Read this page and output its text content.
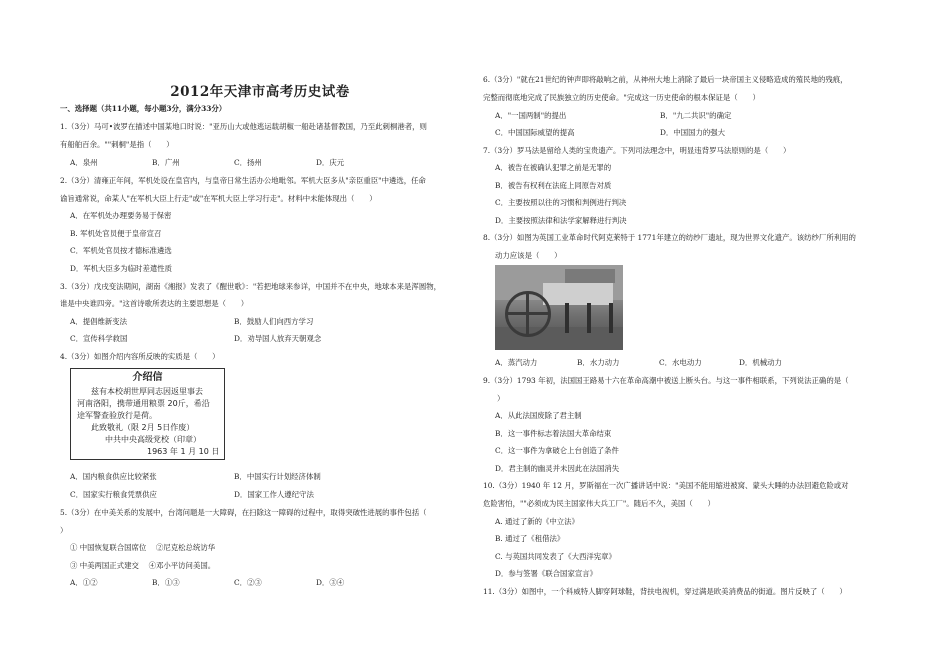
2012年天津市高考历史试卷
一、选择题（共11小题，每小题3分，满分33分）
1.（3分）马可•波罗在描述中国某地口时说："亚历山大或他逃运载胡椒一船赴诸基督教国，乃至此刺桐港者，则
有船舶百余。""刺桐"是指（　　）
A．泉州	B．广州	C．扬州	D．庆元
2.（3分）清雍正年间，军机处设在皇宫内，与皇帝日常生活办公地毗邻。军机大臣多从"亲臣重臣"中遴选，任命
谕旨通常说，命某人"在军机大臣上行走"或"在军机大臣上学习行走"。材料中未能体现出（　　）
A．在军机处办理要务易于保密
B. 军机处官员便于皇帝宣召
C．军机处官员按才德标准遴选
D．军机大臣多为临时差遣性质
3.（3分）戊戌变法期间，湖南《湘报》发表了《醒世歌》："若把地球来参详，中国并不在中央，地球本来是浑圆物，
谁是中央谁四旁。"这首诗歌所表达的主要思想是（　　）
A．提倡维新变法	B．鼓励人们向西方学习
C．宣传科学救国	D．劝导国人放弃天朝观念
4.（3分）如图介绍内容所反映的实质是（　　）
介绍信
兹有本校胡世厚同志因返里事去
河南洛阳，携带通用粮票 20斤，希沿
途军警查验放行是荷。
此致敬礼（限 2月 5日作废）
中共中央高级党校（印章）
1963 年 1 月 10 日
A．国内粮食供应比较紧张	B．中国实行计划经济体制
C．国家实行粮食凭票供应	D．国家工作人遵纪守法
5.（3分）在中美关系的发展中，台湾问题是一大障碍，在扫除这一障碍的过程中，取得突破性进展的事件包括（
）
① 中国恢复联合国席位　 ②尼克松总统访华
③ 中美两国正式建交　 ④邓小平访问美国。
A．①②	B．①③	C．②③	D．③④
6.（3分）"就在21世纪的钟声即将敲响之前，从神州大地上消除了最后一块帝国主义侵略造成的殖民地的残痕，
完整而彻底地完成了民族独立的历史使命。"完成这一历史使命的根本保证是（　　）
A．"一国两制"的提出	B．"九二共识"的确定
C．中国国际威望的提高	D．中国国力的强大
7.（3分）罗马法是留给人类的宝贵遗产。下列司法理念中，明显违背罗马法原则的是（　　）
A．被告在被确认犯罪之前是无罪的
B．被告有权利在法庭上同原告对质
C．主要按照以往的习惯和判例进行判决
D．主要按照法律和法学家解释进行判决
8.（3分）如图为英国工业革命时代阿克莱特于 1771年建立的纺纱厂遗址，现为世界文化遗产。该纺纱厂所利用的
动力应该是（　　）
A．蒸汽动力	B．水力动力	C．水电动力	D．机械动力
9.（3分）1793 年初，法国国王路易十六在革命高潮中被送上断头台。与这一事件相联系，下列说法正确的是（
）
A．从此法国废除了君主制
B．这一事件标志着法国大革命结束
C．这一事件为拿破仑上台创造了条件
D．君主制的幽灵并未因此在法国消失
10.（3分）1940 年 12 月，罗斯福在一次广播讲话中说："美国不能用缩进被窝、蒙头大睡的办法回避危险或对
危险害怕，""必须成为民主国家伟大兵工厂"。随后不久，美国（　　）
A. 通过了新的《中立法》
B. 通过了《租借法》
C. 与英国共同发表了《大西洋宪章》
D．参与签署《联合国家宣言》
11.（3分）如图中，一个科威特人脚穿阿球鞋，背扶电视机，穿过满是欧美消费品的街道。图片反映了（　　）
